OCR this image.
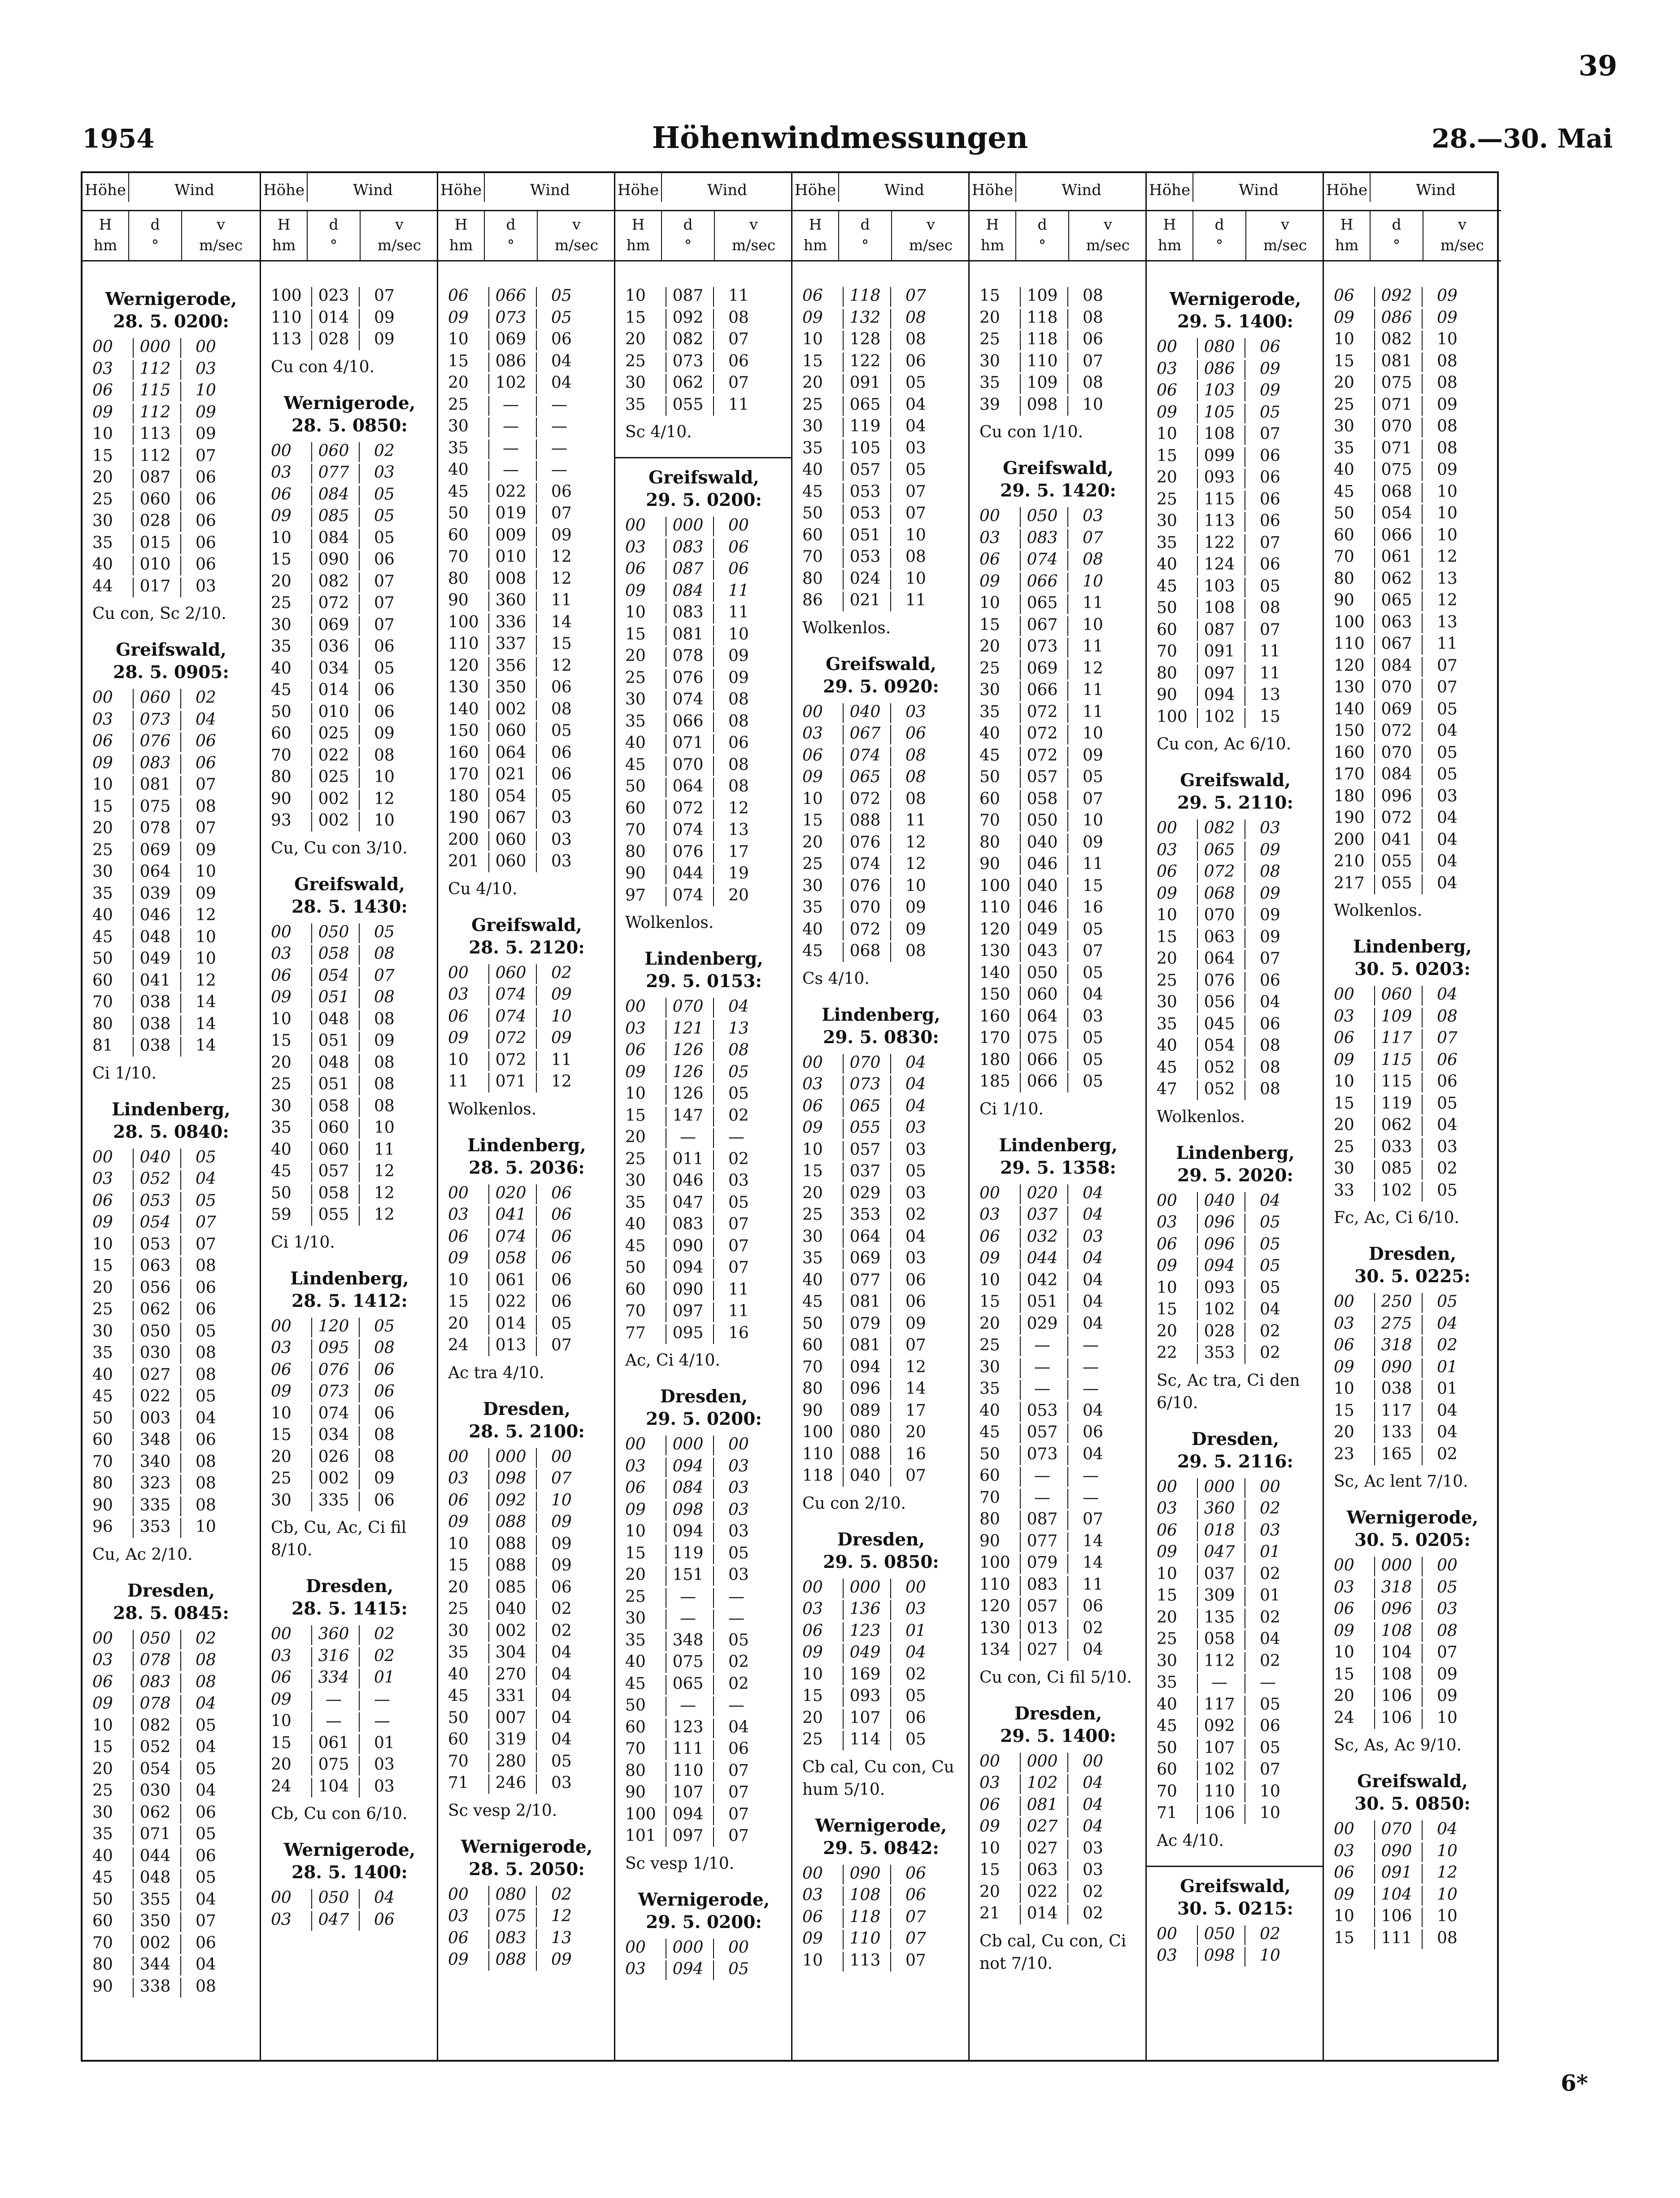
39
1954	Höhenwindmessungen	28.—30. Mai
Höhe	Wind
H
hm
d
°
v
m/sec
Wernigerode,
28. 5. 0200:
00	000 00
03	112 03
06	115 10
09	112 09
10	113 09
15	112 07
20	087 06
25	060 06
30	028 06
35	015 06
40	010 06
44	017 03
Cu con, Sc 2/10.
Greifswald,
28. 5. 0905:
00	060 02
03	073 04
06	076 06
09	083 06
10	081 07
15	075 08
20	078 07
25	069 09
30	064 10
35	039 09
40	046 12
45	048 10
50	049 10
60	041 12
70	038 14
80	038 14
81	038 14
Ci 1/10.
Lindenberg,
28. 5. 0840:
00	040 05
03	052 04
06	053 05
09	054 07
10	053 07
15	063 08
20	056 06
25	062 06
30	050 05
35	030 08
40	027 08
45	022 05
50	003 04
60	348 06
70	340 08
80	323 08
90	335 08
96	353 10
Cu, Ac 2/10.
Dresden,
28. 5. 0845:
00	050 02
03	078 08
06	083 08
09	078 04
10	082 05
15	052 04
20	054 05
25	030 04
30	062 06
35	071 05
40	044 06
45	048 05
50	355 04
60	350 07
70	002 06
80	344 04
90	338 08
Höhe	Wind
H
hm
d
°
v
m/sec
100 023 07
110 014 09
113 028 09
Cu con 4/10.
Wernigerode,
28. 5. 0850:
00	060 02
03	077 03
06	084 05
09	085 05
10	084 05
15	090 06
20	082 07
25	072 07
30	069 07
35	036 06
40	034 05
45	014 06
50	010 06
60	025 09
70	022 08
80	025 10
90	002 12
93	002 10
Cu, Cu con 3/10.
Greifswald,
28. 5. 1430:
00	050 05
03	058 08
06	054 07
09	051 08
10	048 08
15	051 09
20	048 08
25	051 08
30	058 08
35	060 10
40	060 11
45	057 12
50	058 12
59	055 12
Ci 1/10.
Lindenberg,
28. 5. 1412:
00	120 05
03	095 08
06	076 06
09	073 06
10	074 06
15	034 08
20	026 08
25	002 09
30	335 06
Cb, Cu, Ac, Ci fil 8/10.
Dresden,
28. 5. 1415:
00	360 02
03	316 02
06	334 01
09	—	—
10	—	—
15	061 01
20	075 03
24	104 03
Cb, Cu con 6/10.
Wernigerode,
28. 5. 1400:
00	050 04
03	047 06
Höhe	Wind
H
hm
d
°
v
m/sec
06	066 05
09	073 05
10	069 06
15	086 04
20	102 04
25	—	—
30	—	—
35	—	—
40	—	—
45	022 06
50	019 07
60	009 09
70	010 12
80	008 12
90	360 11
100 336 14
110 337 15
120 356 12
130 350 06
140 002 08
150 060 05
160 064 06
170 021 06
180 054 05
190 067 03
200 060 03
201 060 03
Cu 4/10.
Greifswald,
28. 5. 2120:
00	060 02
03	074 09
06	074 10
09	072 09
10	072 11
11	071 12
Wolkenlos.
Lindenberg,
28. 5. 2036:
00	020 06
03	041 06
06	074 06
09	058 06
10	061 06
15	022 06
20	014 05
24	013 07
Ac tra 4/10.
Dresden,
28. 5. 2100:
00	000 00
03	098 07
06	092 10
09	088 09
10	088 09
15	088 09
20	085 06
25	040 02
30	002 02
35	304 04
40	270 04
45	331 04
50	007 04
60	319 04
70	280 05
71	246 03
Sc vesp 2/10.
Wernigerode,
28. 5. 2050:
00	080 02
03	075 12
06	083 13
09	088 09
Höhe	Wind
H
hm
d
°
v
m/sec
10	087 11
15	092 08
20	082 07
25	073 06
30	062 07
35	055 11
Sc 4/10.
Greifswald,
29. 5. 0200:
00	000 00
03	083 06
06	087 06
09	084 11
10	083 11
15	081 10
20	078 09
25	076 09
30	074 08
35	066 08
40	071 06
45	070 08
50	064 08
60	072 12
70	074 13
80	076 17
90	044 19
97	074 20
Wolkenlos.
Lindenberg,
29. 5. 0153:
00	070 04
03	121 13
06	126 08
09	126 05
10	126 05
15	147 02
20	—	—
25	011 02
30	046 03
35	047 05
40	083 07
45	090 07
50	094 07
60	090 11
70	097 11
77	095 16
Ac, Ci 4/10.
Dresden,
29. 5. 0200:
00	000 00
03	094 03
06	084 03
09	098 03
10	094 03
15	119 05
20	151 03
25	—	—
30	—	—
35	348 05
40	075 02
45	065 02
50	—	—
60	123 04
70	111 06
80	110 07
90	107 07
100 094 07
101 097 07
Sc vesp 1/10.
Wernigerode,
29. 5. 0200:
00	000 00
03	094 05
Höhe	Wind
H
hm
d
°
v
m/sec
06	118 07
09	132 08
10	128 08
15	122 06
20	091 05
25	065 04
30	119 04
35	105 03
40	057 05
45	053 07
50	053 07
60	051 10
70	053 08
80	024 10
86	021 11
Wolkenlos.
Greifswald,
29. 5. 0920:
00	040 03
03	067 06
06	074 08
09	065 08
10	072 08
15	088 11
20	076 12
25	074 12
30	076 10
35	070 09
40	072 09
45	068 08
Cs 4/10.
Lindenberg,
29. 5. 0830:
00	070 04
03	073 04
06	065 04
09	055 03
10	057 03
15	037 05
20	029 03
25	353 02
30	064 04
35	069 03
40	077 06
45	081 06
50	079 09
60	081 07
70	094 12
80	096 14
90	089 17
100 080 20
110 088 16
118 040 07
Cu con 2/10.
Dresden,
29. 5. 0850:
00	000 00
03	136 03
06	123 01
09	049 04
10	169 02
15	093 05
20	107 06
25	114 05
Cb cal, Cu con, Cu hum 5/10.
Wernigerode,
29. 5. 0842:
00	090 06
03	108 06
06	118 07
09	110 07
10	113 07
Höhe	Wind
H
hm
d
°
v
m/sec
15	109 08
20	118 08
25	118 06
30	110 07
35	109 08
39	098 10
Cu con 1/10.
Greifswald,
29. 5. 1420:
00	050 03
03	083 07
06	074 08
09	066 10
10	065 11
15	067 10
20	073 11
25	069 12
30	066 11
35	072 11
40	072 10
45	072 09
50	057 05
60	058 07
70	050 10
80	040 09
90	046 11
100 040 15
110 046 16
120 049 05
130 043 07
140 050 05
150 060 04
160 064 03
170 075 05
180 066 05
185 066 05
Ci 1/10.
Lindenberg,
29. 5. 1358:
00	020 04
03	037 04
06	032 03
09	044 04
10	042 04
15	051 04
20	029 04
25	—	—
30	—	—
35	—	—
40	053 04
45	057 06
50	073 04
60	—	—
70	—	—
80	087 07
90	077 14
100 079 14
110 083 11
120 057 06
130 013 02
134 027 04
Cu con, Ci fil 5/10.
Dresden,
29. 5. 1400:
00	000 00
03	102 04
06	081 04
09	027 04
10	027 03
15	063 03
20	022 02
21	014 02
Cb cal, Cu con, Ci not 7/10.
Höhe	Wind
H
hm
d
°
v
m/sec
Wernigerode,
29. 5. 1400:
00	080 06
03	086 09
06	103 09
09	105 05
10	108 07
15	099 06
20	093 06
25	115 06
30	113 06
35	122 07
40	124 06
45	103 05
50	108 08
60	087 07
70	091 11
80	097 11
90	094 13
100 102 15
Cu con, Ac 6/10.
Greifswald,
29. 5. 2110:
00	082 03
03	065 09
06	072 08
09	068 09
10	070 09
15	063 09
20	064 07
25	076 06
30	056 04
35	045 06
40	054 08
45	052 08
47	052 08
Wolkenlos.
Lindenberg,
29. 5. 2020:
00	040 04
03	096 05
06	096 05
09	094 05
10	093 05
15	102 04
20	028 02
22	353 02
Sc, Ac tra, Ci den 6/10.
Dresden,
29. 5. 2116:
00	000 00
03	360 02
06	018 03
09	047 01
10	037 02
15	309 01
20	135 02
25	058 04
30	112 02
35	—	—
40	117 05
45	092 06
50	107 05
60	102 07
70	110 10
71	106 10
Ac 4/10.
Greifswald,
30. 5. 0215:
00	050 02
03	098 10
Höhe	Wind
H
hm
d
°
v
m/sec
06	092 09
09	086 09
10	082 10
15	081 08
20	075 08
25	071 09
30	070 08
35	071 08
40	075 09
45	068 10
50	054 10
60	066 10
70	061 12
80	062 13
90	065 12
100 063 13
110 067 11
120 084 07
130 070 07
140 069 05
150 072 04
160 070 05
170 084 05
180 096 03
190 072 04
200 041 04
210 055 04
217 055 04
Wolkenlos.
Lindenberg,
30. 5. 0203:
00	060 04
03	109 08
06	117 07
09	115 06
10	115 06
15	119 05
20	062 04
25	033 03
30	085 02
33	102 05
Fc, Ac, Ci 6/10.
Dresden,
30. 5. 0225:
00	250 05
03	275 04
06	318 02
09	090 01
10	038 01
15	117 04
20	133 04
23	165 02
Sc, Ac lent 7/10.
Wernigerode,
30. 5. 0205:
00	000 00
03	318 05
06	096 03
09	108 08
10	104 07
15	108 09
20	106 09
24	106 10
Sc, As, Ac 9/10.
Greifswald,
30. 5. 0850:
00	070 04
03	090 10
06	091 12
09	104 10
10	106 10
15	111 08
6*
